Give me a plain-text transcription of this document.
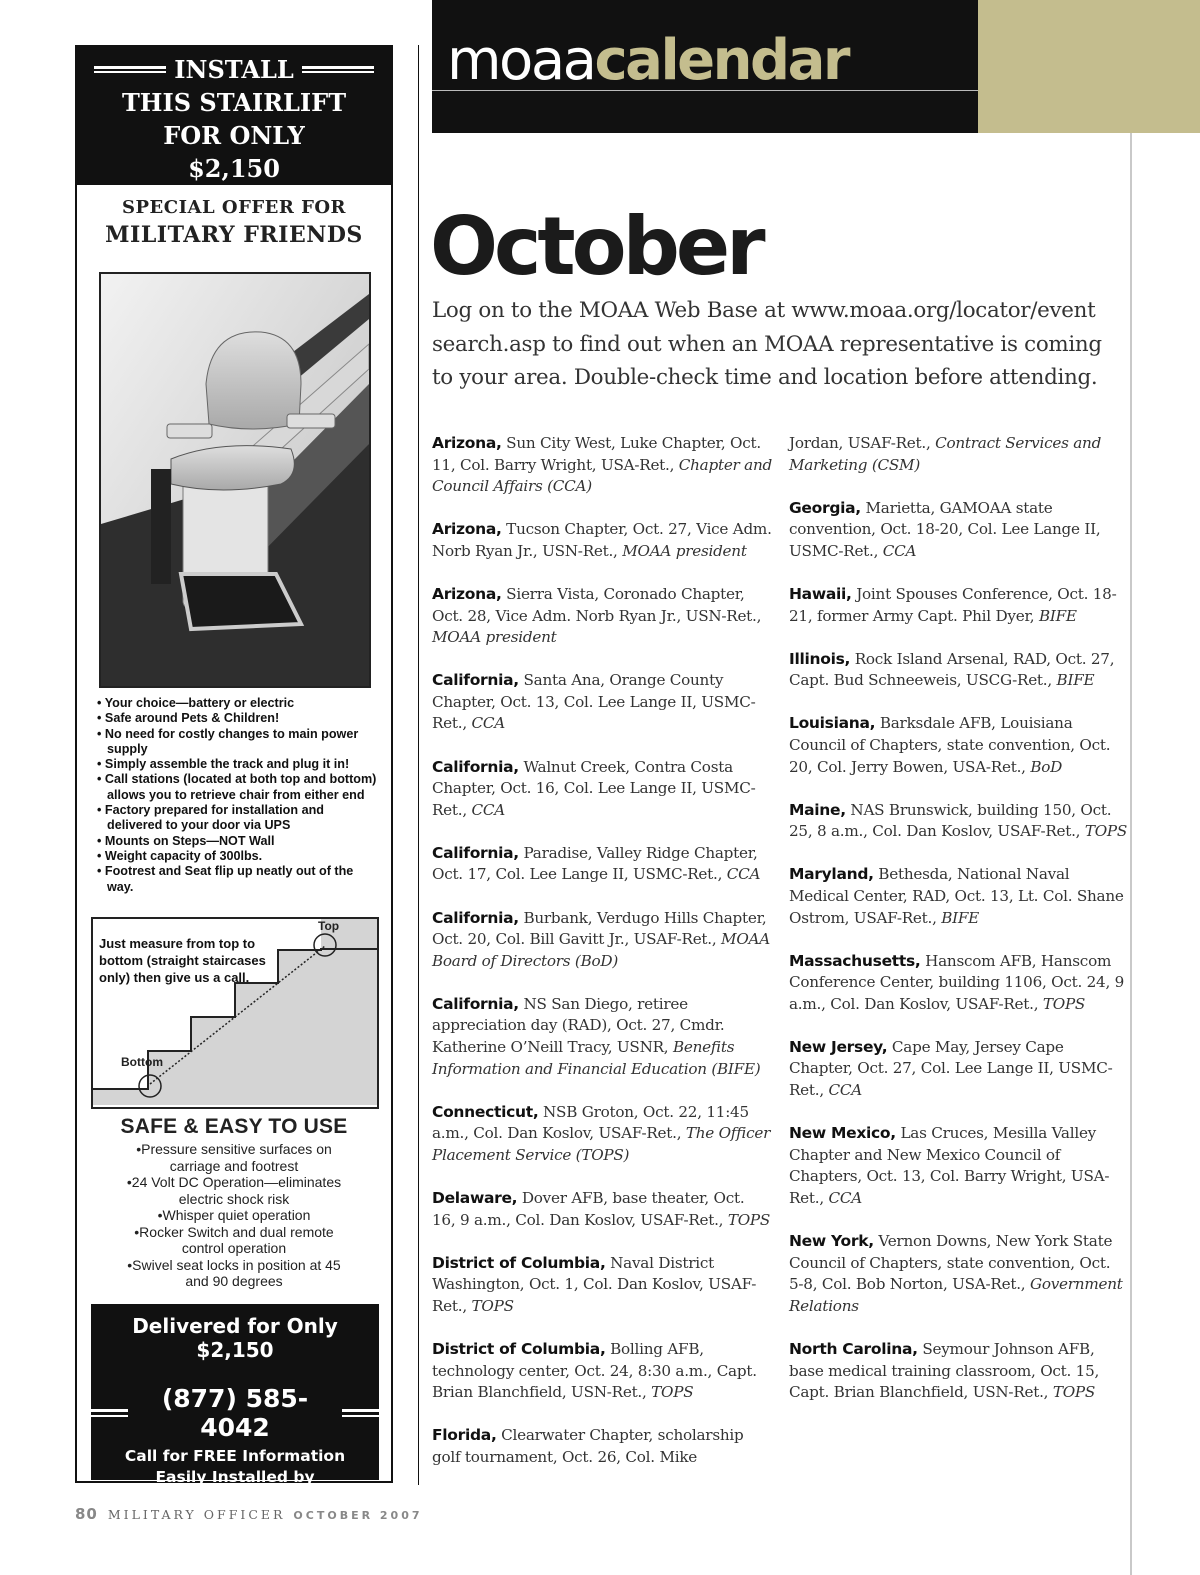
INSTALL
THIS STAIRLIFT
FOR ONLY
$2,150
SPECIAL OFFER FOR
MILITARY FRIENDS
• Your choice—battery or electric
• Safe around Pets & Children!
• No need for costly changes to main power supply
• Simply assemble the track and plug it in!
• Call stations (located at both top and bottom) allows you to retrieve chair from either end
• Factory prepared for installation and delivered to your door via UPS
• Mounts on Steps—NOT Wall
• Weight capacity of 300lbs.
• Footrest and Seat flip up neatly out of the way.
Just measure from top to bottom (straight staircases only) then give us a call.
Top
Bottom
SAFE & EASY TO USE
•Pressure sensitive surfaces on carriage and footrest
•24 Volt DC Operation—eliminates electric shock risk
•Whisper quiet operation
•Rocker Switch and dual remote control operation
•Swivel seat locks in position at 45 and 90 degrees
Delivered for Only $2,150
(877) 585-4042
Call for FREE Information
Easily Installed by
Homeowner or Handyman
moaacalendar
October
Log on to the MOAA Web Base at www.moaa.org/locator/event search.asp to find out when an MOAA representative is coming to your area. Double-check time and location before attending.
Arizona, Sun City West, Luke Chapter, Oct. 11, Col. Barry Wright, USA-Ret., Chapter and Council Affairs (CCA)
Arizona, Tucson Chapter, Oct. 27, Vice Adm. Norb Ryan Jr., USN-Ret., MOAA president
Arizona, Sierra Vista, Coronado Chapter, Oct. 28, Vice Adm. Norb Ryan Jr., USN-Ret., MOAA president
California, Santa Ana, Orange County Chapter, Oct. 13, Col. Lee Lange II, USMC-Ret., CCA
California, Walnut Creek, Contra Costa Chapter, Oct. 16, Col. Lee Lange II, USMC-Ret., CCA
California, Paradise, Valley Ridge Chapter, Oct. 17, Col. Lee Lange II, USMC-Ret., CCA
California, Burbank, Verdugo Hills Chapter, Oct. 20, Col. Bill Gavitt Jr., USAF-Ret., MOAA Board of Directors (BoD)
California, NS San Diego, retiree appreciation day (RAD), Oct. 27, Cmdr. Katherine O’Neill Tracy, USNR, Benefits Information and Financial Education (BIFE)
Connecticut, NSB Groton, Oct. 22, 11:45 a.m., Col. Dan Koslov, USAF-Ret., The Officer Placement Service (TOPS)
Delaware, Dover AFB, base theater, Oct. 16, 9 a.m., Col. Dan Koslov, USAF-Ret., TOPS
District of Columbia, Naval District Washington, Oct. 1, Col. Dan Koslov, USAF-Ret., TOPS
District of Columbia, Bolling AFB, technology center, Oct. 24, 8:30 a.m., Capt. Brian Blanchfield, USN-Ret., TOPS
Florida, Clearwater Chapter, scholarship golf tournament, Oct. 26, Col. Mike
Jordan, USAF-Ret., Contract Services and Marketing (CSM)
Georgia, Marietta, GAMOAA state convention, Oct. 18-20, Col. Lee Lange II, USMC-Ret., CCA
Hawaii, Joint Spouses Conference, Oct. 18-21, former Army Capt. Phil Dyer, BIFE
Illinois, Rock Island Arsenal, RAD, Oct. 27, Capt. Bud Schneeweis, USCG-Ret., BIFE
Louisiana, Barksdale AFB, Louisiana Council of Chapters, state convention, Oct. 20, Col. Jerry Bowen, USA-Ret., BoD
Maine, NAS Brunswick, building 150, Oct. 25, 8 a.m., Col. Dan Koslov, USAF-Ret., TOPS
Maryland, Bethesda, National Naval Medical Center, RAD, Oct. 13, Lt. Col. Shane Ostrom, USAF-Ret., BIFE
Massachusetts, Hanscom AFB, Hanscom Conference Center, building 1106, Oct. 24, 9 a.m., Col. Dan Koslov, USAF-Ret., TOPS
New Jersey, Cape May, Jersey Cape Chapter, Oct. 27, Col. Lee Lange II, USMC-Ret., CCA
New Mexico, Las Cruces, Mesilla Valley Chapter and New Mexico Council of Chapters, Oct. 13, Col. Barry Wright, USA-Ret., CCA
New York, Vernon Downs, New York State Council of Chapters, state convention, Oct. 5-8, Col. Bob Norton, USA-Ret., Government Relations
North Carolina, Seymour Johnson AFB, base medical training classroom, Oct. 15, Capt. Brian Blanchfield, USN-Ret., TOPS
80 MILITARY OFFICER OCTOBER 2007
